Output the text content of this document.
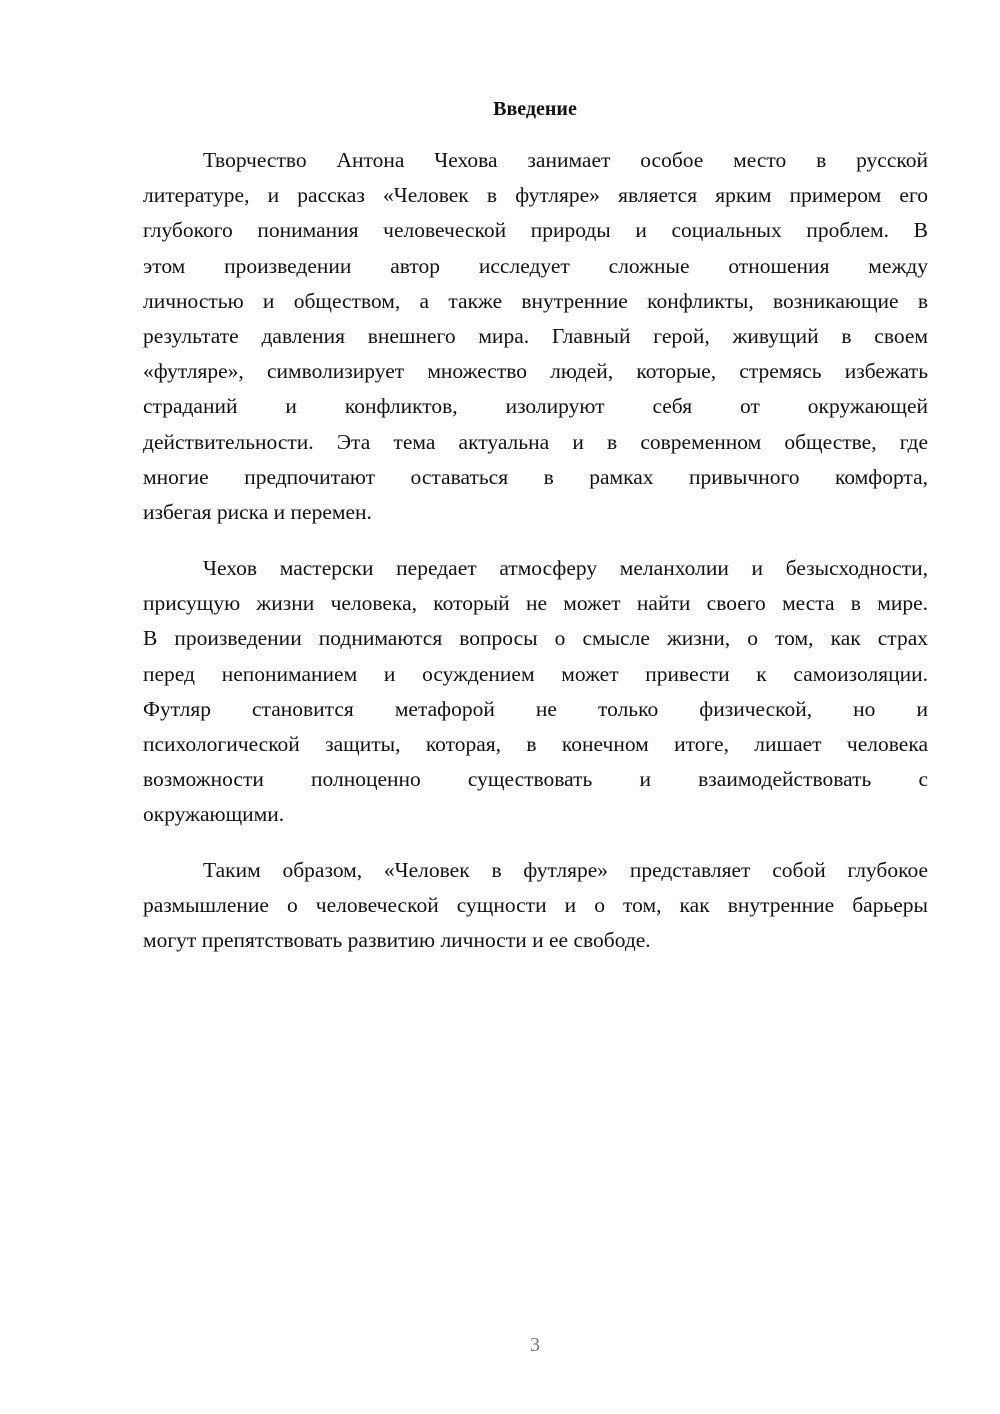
Введение
Творчество Антона Чехова занимает особое место в русской
литературе, и рассказ «Человек в футляре» является ярким примером его
глубокого понимания человеческой природы и социальных проблем. В
этом произведении автор исследует сложные отношения между
личностью и обществом, а также внутренние конфликты, возникающие в
результате давления внешнего мира. Главный герой, живущий в своем
«футляре», символизирует множество людей, которые, стремясь избежать
страданий и конфликтов, изолируют себя от окружающей
действительности. Эта тема актуальна и в современном обществе, где
многие предпочитают оставаться в рамках привычного комфорта,
избегая риска и перемен.
Чехов мастерски передает атмосферу меланхолии и безысходности,
присущую жизни человека, который не может найти своего места в мире.
В произведении поднимаются вопросы о смысле жизни, о том, как страх
перед непониманием и осуждением может привести к самоизоляции.
Футляр становится метафорой не только физической, но и
психологической защиты, которая, в конечном итоге, лишает человека
возможности полноценно существовать и взаимодействовать с
окружающими.
Таким образом, «Человек в футляре» представляет собой глубокое
размышление о человеческой сущности и о том, как внутренние барьеры
могут препятствовать развитию личности и ее свободе.
3
